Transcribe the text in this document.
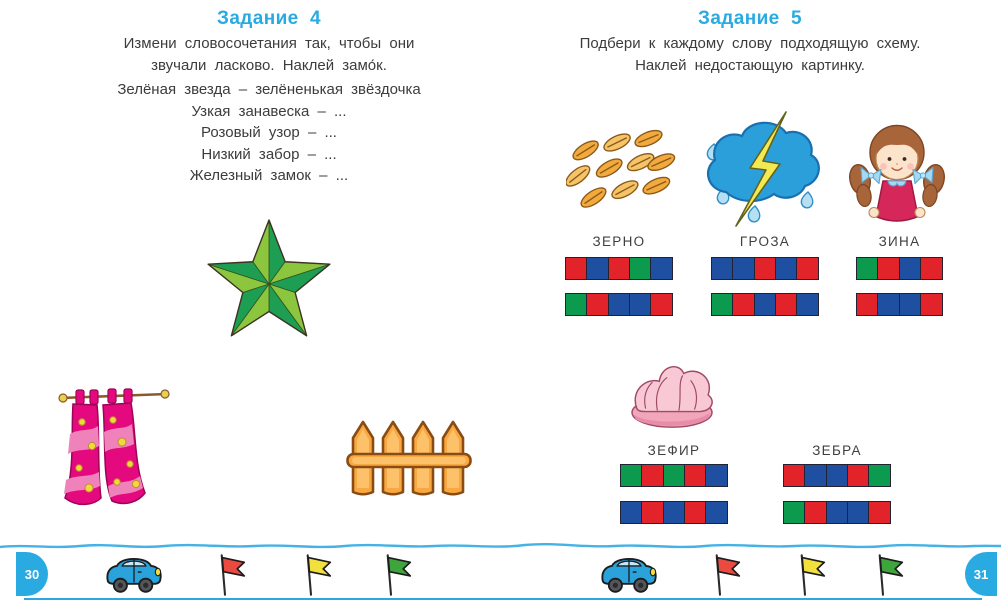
Задание  4
Измени словосочетания так, чтобы они
звучали ласково. Наклей замо́к.
Зелёная звезда – зелёненькая звёздочка
Узкая занавеска – ...
Розовый узор – ...
Низкий забор – ...
Железный замок – ...
Задание  5
Подбери к каждому слову подходящую схему.
Наклей недостающую картинку.
ЗЕРНО	ГРОЗА	ЗИНА
ЗЕФИР	ЗЕБРА
30	31
